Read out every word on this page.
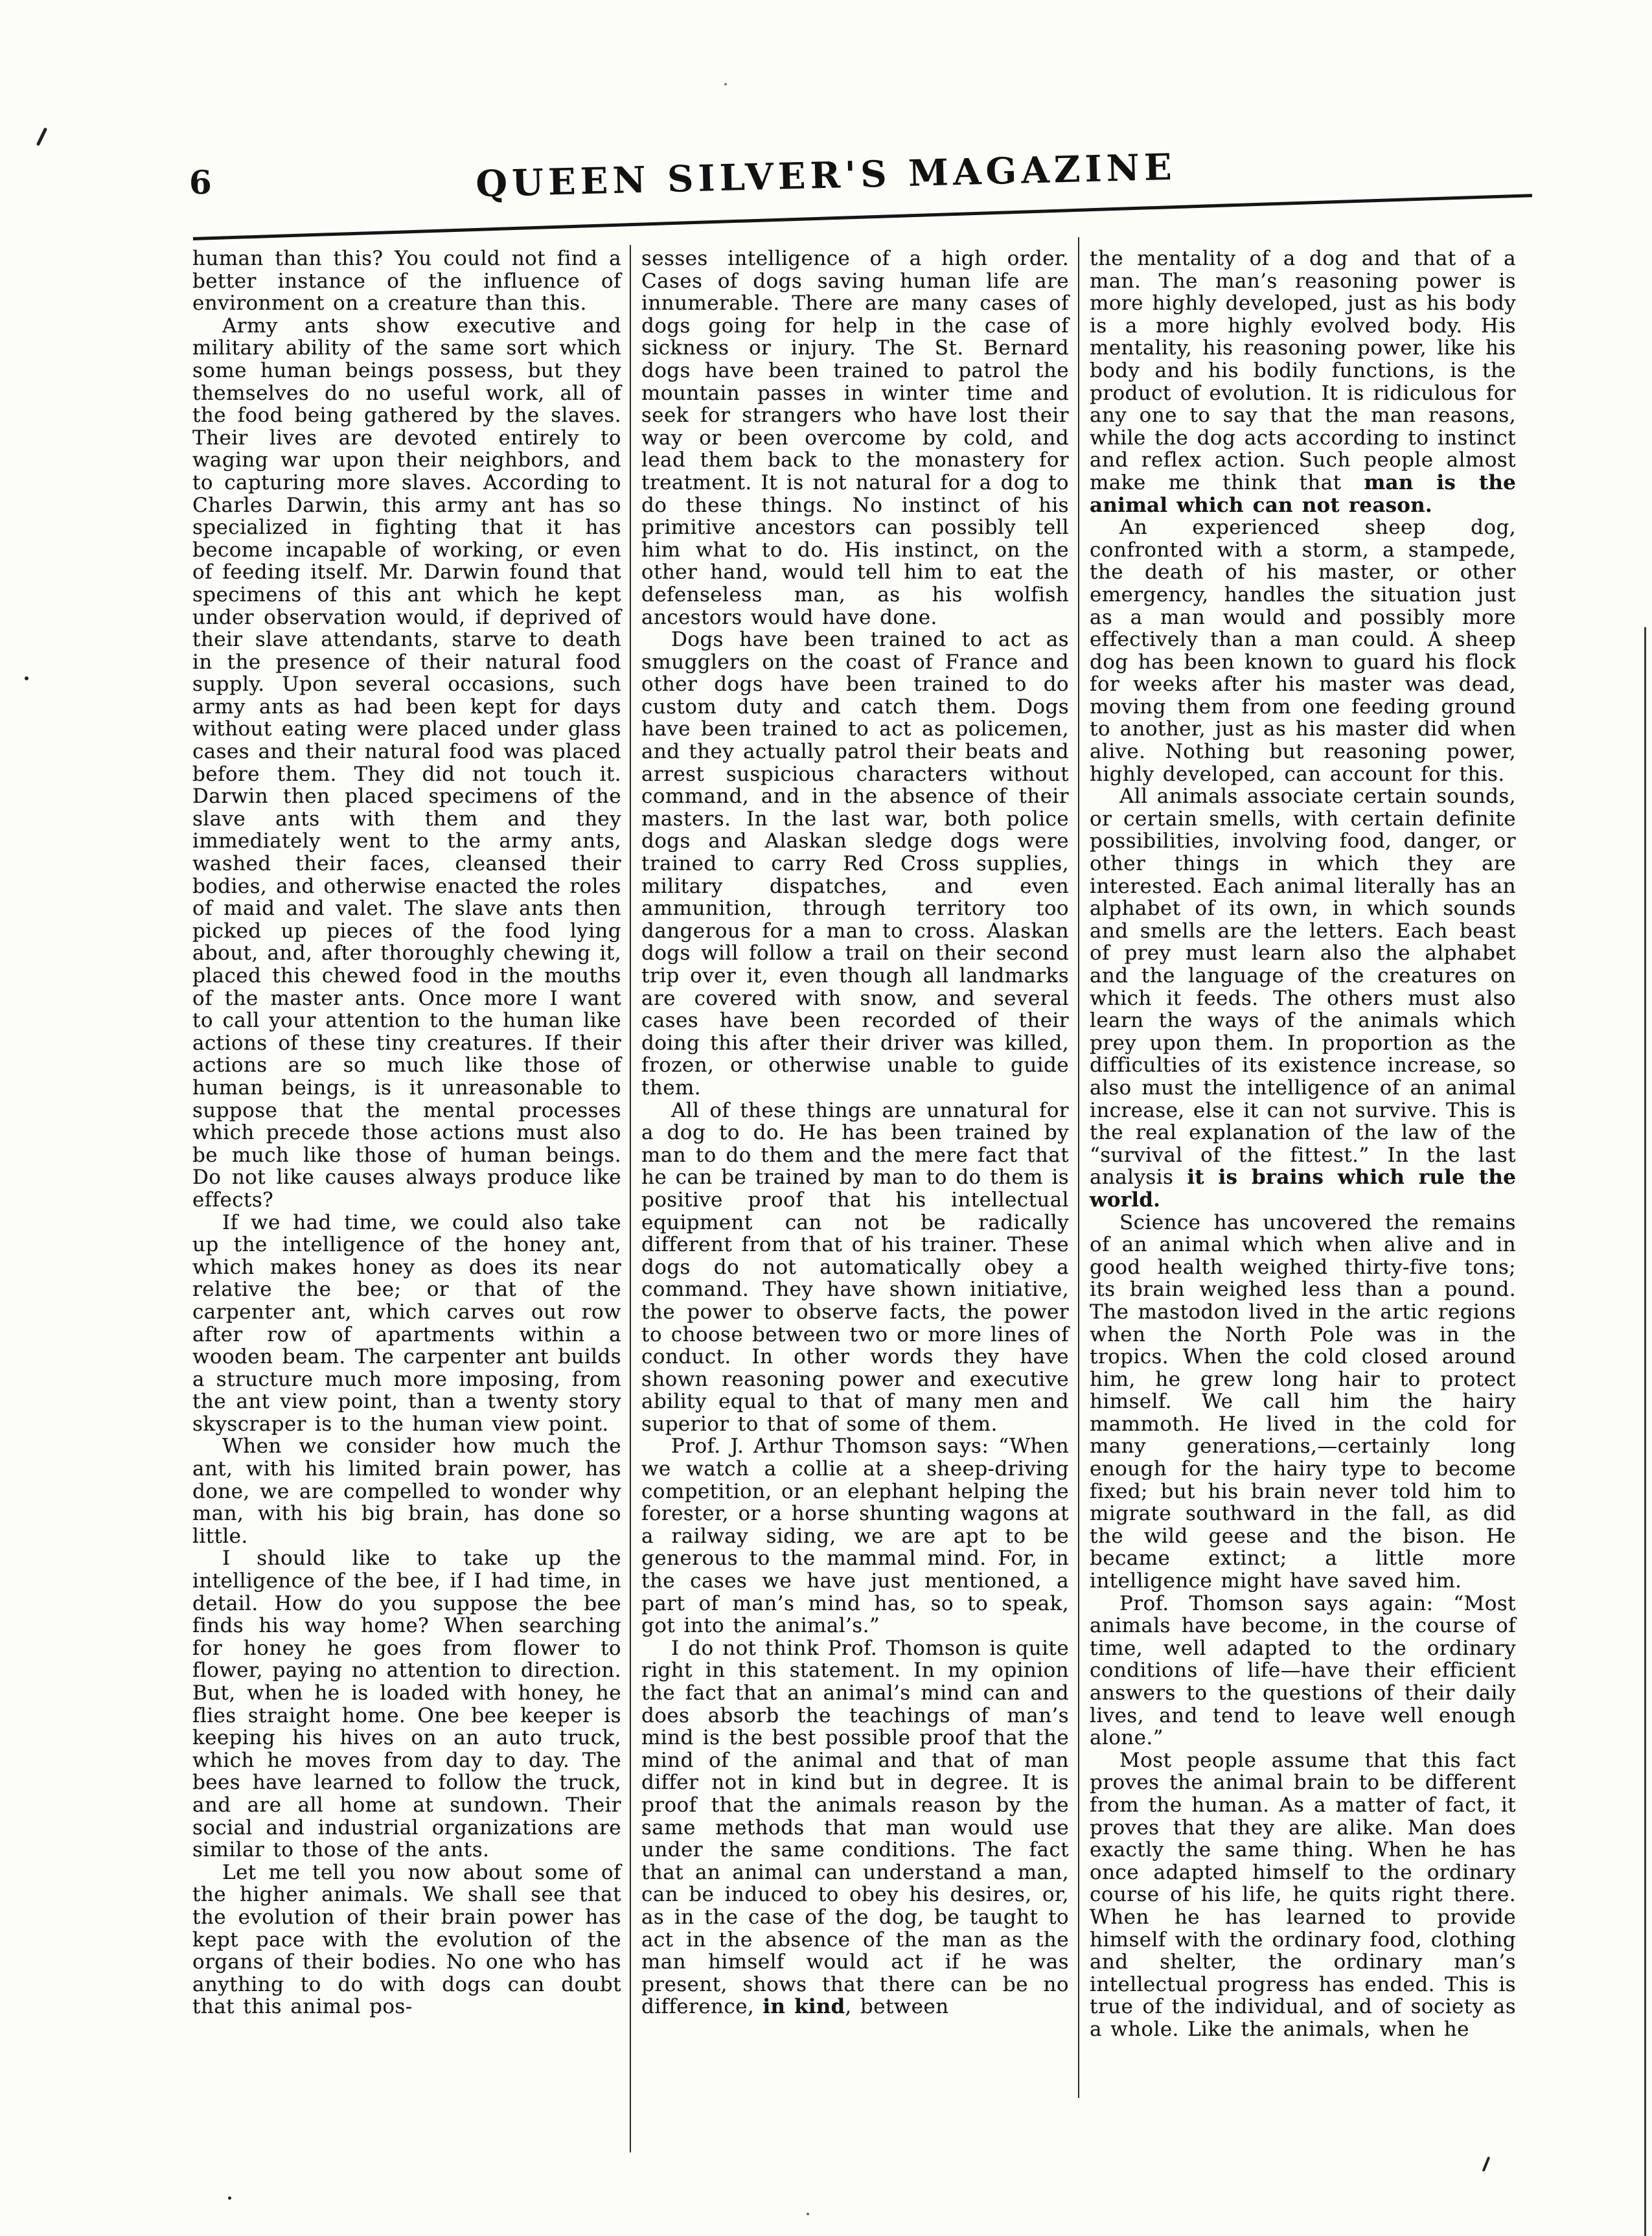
6	QUEEN SILVER'S MAGAZINE

human than this? You could not find a better instance of the influence of environment on a creature than this.

Army ants show executive and military ability of the same sort which some human beings possess, but they themselves do no useful work, all of the food being gathered by the slaves. Their lives are devoted entirely to waging war upon their neighbors, and to capturing more slaves. According to Charles Darwin, this army ant has so specialized in fighting that it has become incapable of working, or even of feeding itself. Mr. Darwin found that specimens of this ant which he kept under observation would, if deprived of their slave attendants, starve to death in the presence of their natural food supply. Upon several occasions, such army ants as had been kept for days without eating were placed under glass cases and their natural food was placed before them. They did not touch it. Darwin then placed specimens of the slave ants with them and they immediately went to the army ants, washed their faces, cleansed their bodies, and otherwise enacted the roles of maid and valet. The slave ants then picked up pieces of the food lying about, and, after thoroughly chewing it, placed this chewed food in the mouths of the master ants. Once more I want to call your attention to the human like actions of these tiny creatures. If their actions are so much like those of human beings, is it unreasonable to suppose that the mental processes which precede those actions must also be much like those of human beings. Do not like causes always produce like effects?

If we had time, we could also take up the intelligence of the honey ant, which makes honey as does its near relative the bee; or that of the carpenter ant, which carves out row after row of apartments within a wooden beam. The carpenter ant builds a structure much more imposing, from the ant view point, than a twenty story skyscraper is to the human view point.

When we consider how much the ant, with his limited brain power, has done, we are compelled to wonder why man, with his big brain, has done so little.

I should like to take up the intelligence of the bee, if I had time, in detail. How do you suppose the bee finds his way home? When searching for honey he goes from flower to flower, paying no attention to direction. But, when he is loaded with honey, he flies straight home. One bee keeper is keeping his hives on an auto truck, which he moves from day to day. The bees have learned to follow the truck, and are all home at sundown. Their social and industrial organizations are similar to those of the ants.

Let me tell you now about some of the higher animals. We shall see that the evolution of their brain power has kept pace with the evolution of the organs of their bodies. No one who has anything to do with dogs can doubt that this animal pos-

sesses intelligence of a high order. Cases of dogs saving human life are innumerable. There are many cases of dogs going for help in the case of sickness or injury. The St. Bernard dogs have been trained to patrol the mountain passes in winter time and seek for strangers who have lost their way or been overcome by cold, and lead them back to the monastery for treatment. It is not natural for a dog to do these things. No instinct of his primitive ancestors can possibly tell him what to do. His instinct, on the other hand, would tell him to eat the defenseless man, as his wolfish ancestors would have done.

Dogs have been trained to act as smugglers on the coast of France and other dogs have been trained to do custom duty and catch them. Dogs have been trained to act as policemen, and they actually patrol their beats and arrest suspicious characters without command, and in the absence of their masters. In the last war, both police dogs and Alaskan sledge dogs were trained to carry Red Cross supplies, military dispatches, and even ammunition, through territory too dangerous for a man to cross. Alaskan dogs will follow a trail on their second trip over it, even though all landmarks are covered with snow, and several cases have been recorded of their doing this after their driver was killed, frozen, or otherwise unable to guide them.

All of these things are unnatural for a dog to do. He has been trained by man to do them and the mere fact that he can be trained by man to do them is positive proof that his intellectual equipment can not be radically different from that of his trainer. These dogs do not automatically obey a command. They have shown initiative, the power to observe facts, the power to choose between two or more lines of conduct. In other words they have shown reasoning power and executive ability equal to that of many men and superior to that of some of them.

Prof. J. Arthur Thomson says: “When we watch a collie at a sheep-driving competition, or an elephant helping the forester, or a horse shunting wagons at a railway siding, we are apt to be generous to the mammal mind. For, in the cases we have just mentioned, a part of man’s mind has, so to speak, got into the animal’s.”

I do not think Prof. Thomson is quite right in this statement. In my opinion the fact that an animal’s mind can and does absorb the teachings of man’s mind is the best possible proof that the mind of the animal and that of man differ not in kind but in degree. It is proof that the animals reason by the same methods that man would use under the same conditions. The fact that an animal can understand a man, can be induced to obey his desires, or, as in the case of the dog, be taught to act in the absence of the man as the man himself would act if he was present, shows that there can be no difference, in kind, between

the mentality of a dog and that of a man. The man’s reasoning power is more highly developed, just as his body is a more highly evolved body. His mentality, his reasoning power, like his body and his bodily functions, is the product of evolution. It is ridiculous for any one to say that the man reasons, while the dog acts according to instinct and reflex action. Such people almost make me think that man is the animal which can not reason.

An experienced sheep dog, confronted with a storm, a stampede, the death of his master, or other emergency, handles the situation just as a man would and possibly more effectively than a man could. A sheep dog has been known to guard his flock for weeks after his master was dead, moving them from one feeding ground to another, just as his master did when alive. Nothing but reasoning power, highly developed, can account for this.

All animals associate certain sounds, or certain smells, with certain definite possibilities, involving food, danger, or other things in which they are interested. Each animal literally has an alphabet of its own, in which sounds and smells are the letters. Each beast of prey must learn also the alphabet and the language of the creatures on which it feeds. The others must also learn the ways of the animals which prey upon them. In proportion as the difficulties of its existence increase, so also must the intelligence of an animal increase, else it can not survive. This is the real explanation of the law of the “survival of the fittest.” In the last analysis it is brains which rule the world.

Science has uncovered the remains of an animal which when alive and in good health weighed thirty-five tons; its brain weighed less than a pound. The mastodon lived in the artic regions when the North Pole was in the tropics. When the cold closed around him, he grew long hair to protect himself. We call him the hairy mammoth. He lived in the cold for many generations,—certainly long enough for the hairy type to become fixed; but his brain never told him to migrate southward in the fall, as did the wild geese and the bison. He became extinct; a little more intelligence might have saved him.

Prof. Thomson says again: “Most animals have become, in the course of time, well adapted to the ordinary conditions of life—have their efficient answers to the questions of their daily lives, and tend to leave well enough alone.”

Most people assume that this fact proves the animal brain to be different from the human. As a matter of fact, it proves that they are alike. Man does exactly the same thing. When he has once adapted himself to the ordinary course of his life, he quits right there. When he has learned to provide himself with the ordinary food, clothing and shelter, the ordinary man’s intellectual progress has ended. This is true of the individual, and of society as a whole. Like the animals, when he
